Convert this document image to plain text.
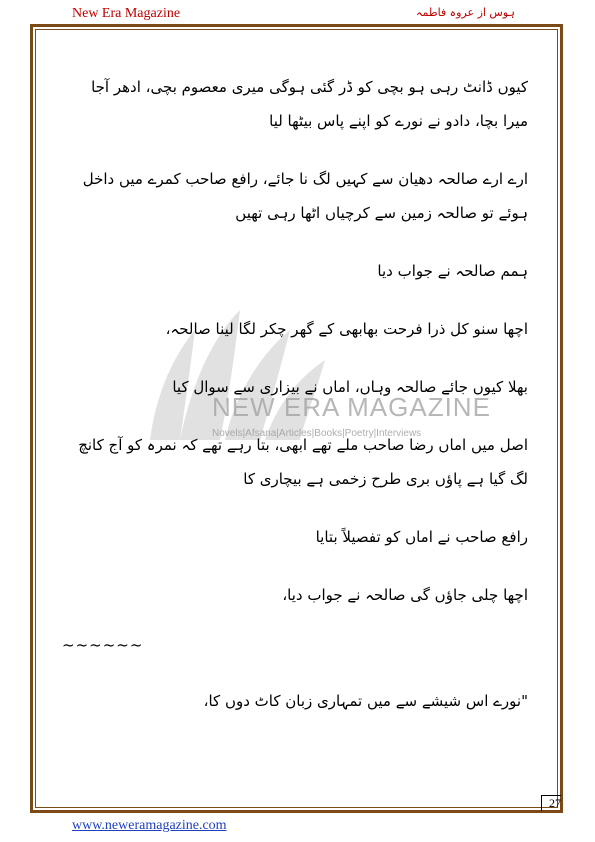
New Era Magazine	ہوس از عروہ فاطمہ
NEW ERA MAGAZINE
Novels|Afsana|Articles|Books|Poetry|Interviews

کیوں ڈانٹ رہی ہو بچی کو ڈر گئی ہوگی میری معصوم بچی، ادھر آجا میرا بچا، دادو نے نورے کو اپنے پاس بیٹھا لیا

ارے ارے صالحہ دھیان سے کہیں لگ نا جائے، رافع صاحب کمرے میں داخل ہوئے تو صالحہ زمین سے کرچیاں اٹھا رہی تھیں

ہمم صالحہ نے جواب دیا

اچھا سنو کل ذرا فرحت بھابھی کے گھر چکر لگا لینا صالحہ،

بھلا کیوں جائے صالحہ وہاں، اماں نے بیزاری سے سوال کیا

اصل میں اماں رضا صاحب ملے تھے ابھی، بتا رہے تھے کہ نمرہ کو آج کانچ لگ گیا ہے پاؤں بری طرح زخمی ہے بیچاری کا

رافع صاحب نے اماں کو تفصیلاً بتایا

اچھا چلی جاؤں گی صالحہ نے جواب دیا،

~~~~~~

"نورے اس شیشے سے میں تمہاری زبان کاٹ دوں کا،

27
www.neweramagazine.com
